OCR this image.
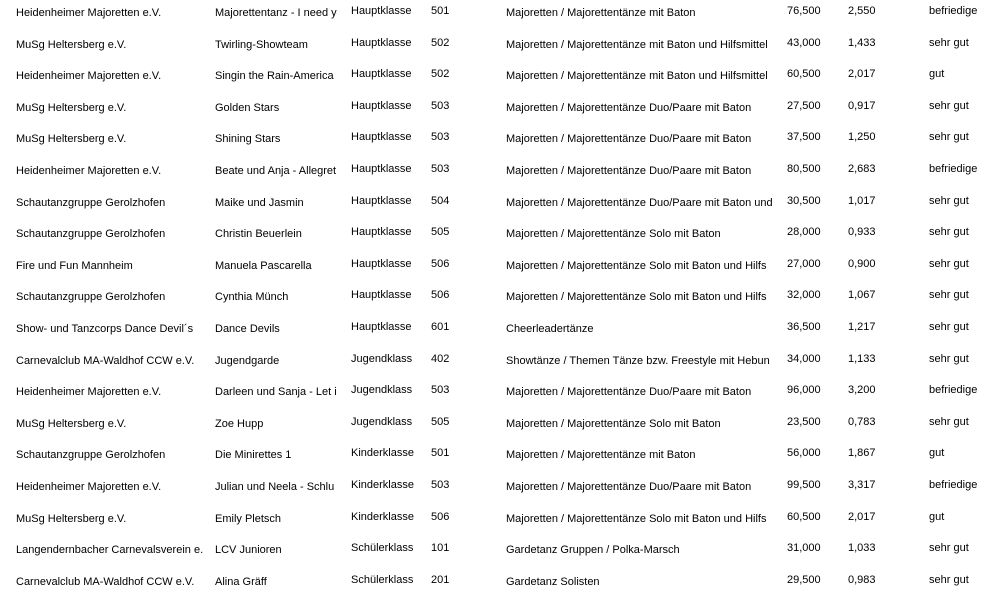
Heidenheimer Majoretten e.V.	Majorettentanz - I need y	Hauptklasse	501	Majoretten / Majorettentänze mit Baton	76,500	2,550	befriedige
MuSg Heltersberg e.V.	Twirling-Showteam	Hauptklasse	502	Majoretten / Majorettentänze mit Baton und Hilfsmittel	43,000	1,433	sehr gut
Heidenheimer Majoretten e.V.	Singin the Rain-America	Hauptklasse	502	Majoretten / Majorettentänze mit Baton und Hilfsmittel	60,500	2,017	gut
MuSg Heltersberg e.V.	Golden Stars	Hauptklasse	503	Majoretten / Majorettentänze Duo/Paare mit Baton	27,500	0,917	sehr gut
MuSg Heltersberg e.V.	Shining Stars	Hauptklasse	503	Majoretten / Majorettentänze Duo/Paare mit Baton	37,500	1,250	sehr gut
Heidenheimer Majoretten e.V.	Beate und Anja - Allegret	Hauptklasse	503	Majoretten / Majorettentänze Duo/Paare mit Baton	80,500	2,683	befriedige
Schautanzgruppe Gerolzhofen	Maike und Jasmin	Hauptklasse	504	Majoretten / Majorettentänze Duo/Paare mit Baton und	30,500	1,017	sehr gut
Schautanzgruppe Gerolzhofen	Christin Beuerlein	Hauptklasse	505	Majoretten / Majorettentänze Solo mit Baton	28,000	0,933	sehr gut
Fire und Fun Mannheim	Manuela Pascarella	Hauptklasse	506	Majoretten / Majorettentänze Solo mit Baton und Hilfs	27,000	0,900	sehr gut
Schautanzgruppe Gerolzhofen	Cynthia Münch	Hauptklasse	506	Majoretten / Majorettentänze Solo mit Baton und Hilfs	32,000	1,067	sehr gut
Show- und Tanzcorps Dance Devil´s	Dance Devils	Hauptklasse	601	Cheerleadertänze	36,500	1,217	sehr gut
Carnevalclub MA-Waldhof CCW e.V.	Jugendgarde	Jugendklass	402	Showtänze / Themen Tänze bzw. Freestyle mit Hebun	34,000	1,133	sehr gut
Heidenheimer Majoretten e.V.	Darleen und Sanja - Let i	Jugendklass	503	Majoretten / Majorettentänze Duo/Paare mit Baton	96,000	3,200	befriedige
MuSg Heltersberg e.V.	Zoe Hupp	Jugendklass	505	Majoretten / Majorettentänze Solo mit Baton	23,500	0,783	sehr gut
Schautanzgruppe Gerolzhofen	Die Minirettes 1	Kinderklasse	501	Majoretten / Majorettentänze mit Baton	56,000	1,867	gut
Heidenheimer Majoretten e.V.	Julian und Neela - Schlu	Kinderklasse	503	Majoretten / Majorettentänze Duo/Paare mit Baton	99,500	3,317	befriedige
MuSg Heltersberg e.V.	Emily Pletsch	Kinderklasse	506	Majoretten / Majorettentänze Solo mit Baton und Hilfs	60,500	2,017	gut
Langendernbacher Carnevalsverein e.	LCV Junioren	Schülerklass	101	Gardetanz Gruppen / Polka-Marsch	31,000	1,033	sehr gut
Carnevalclub MA-Waldhof CCW e.V.	Alina Gräff	Schülerklass	201	Gardetanz Solisten	29,500	0,983	sehr gut
